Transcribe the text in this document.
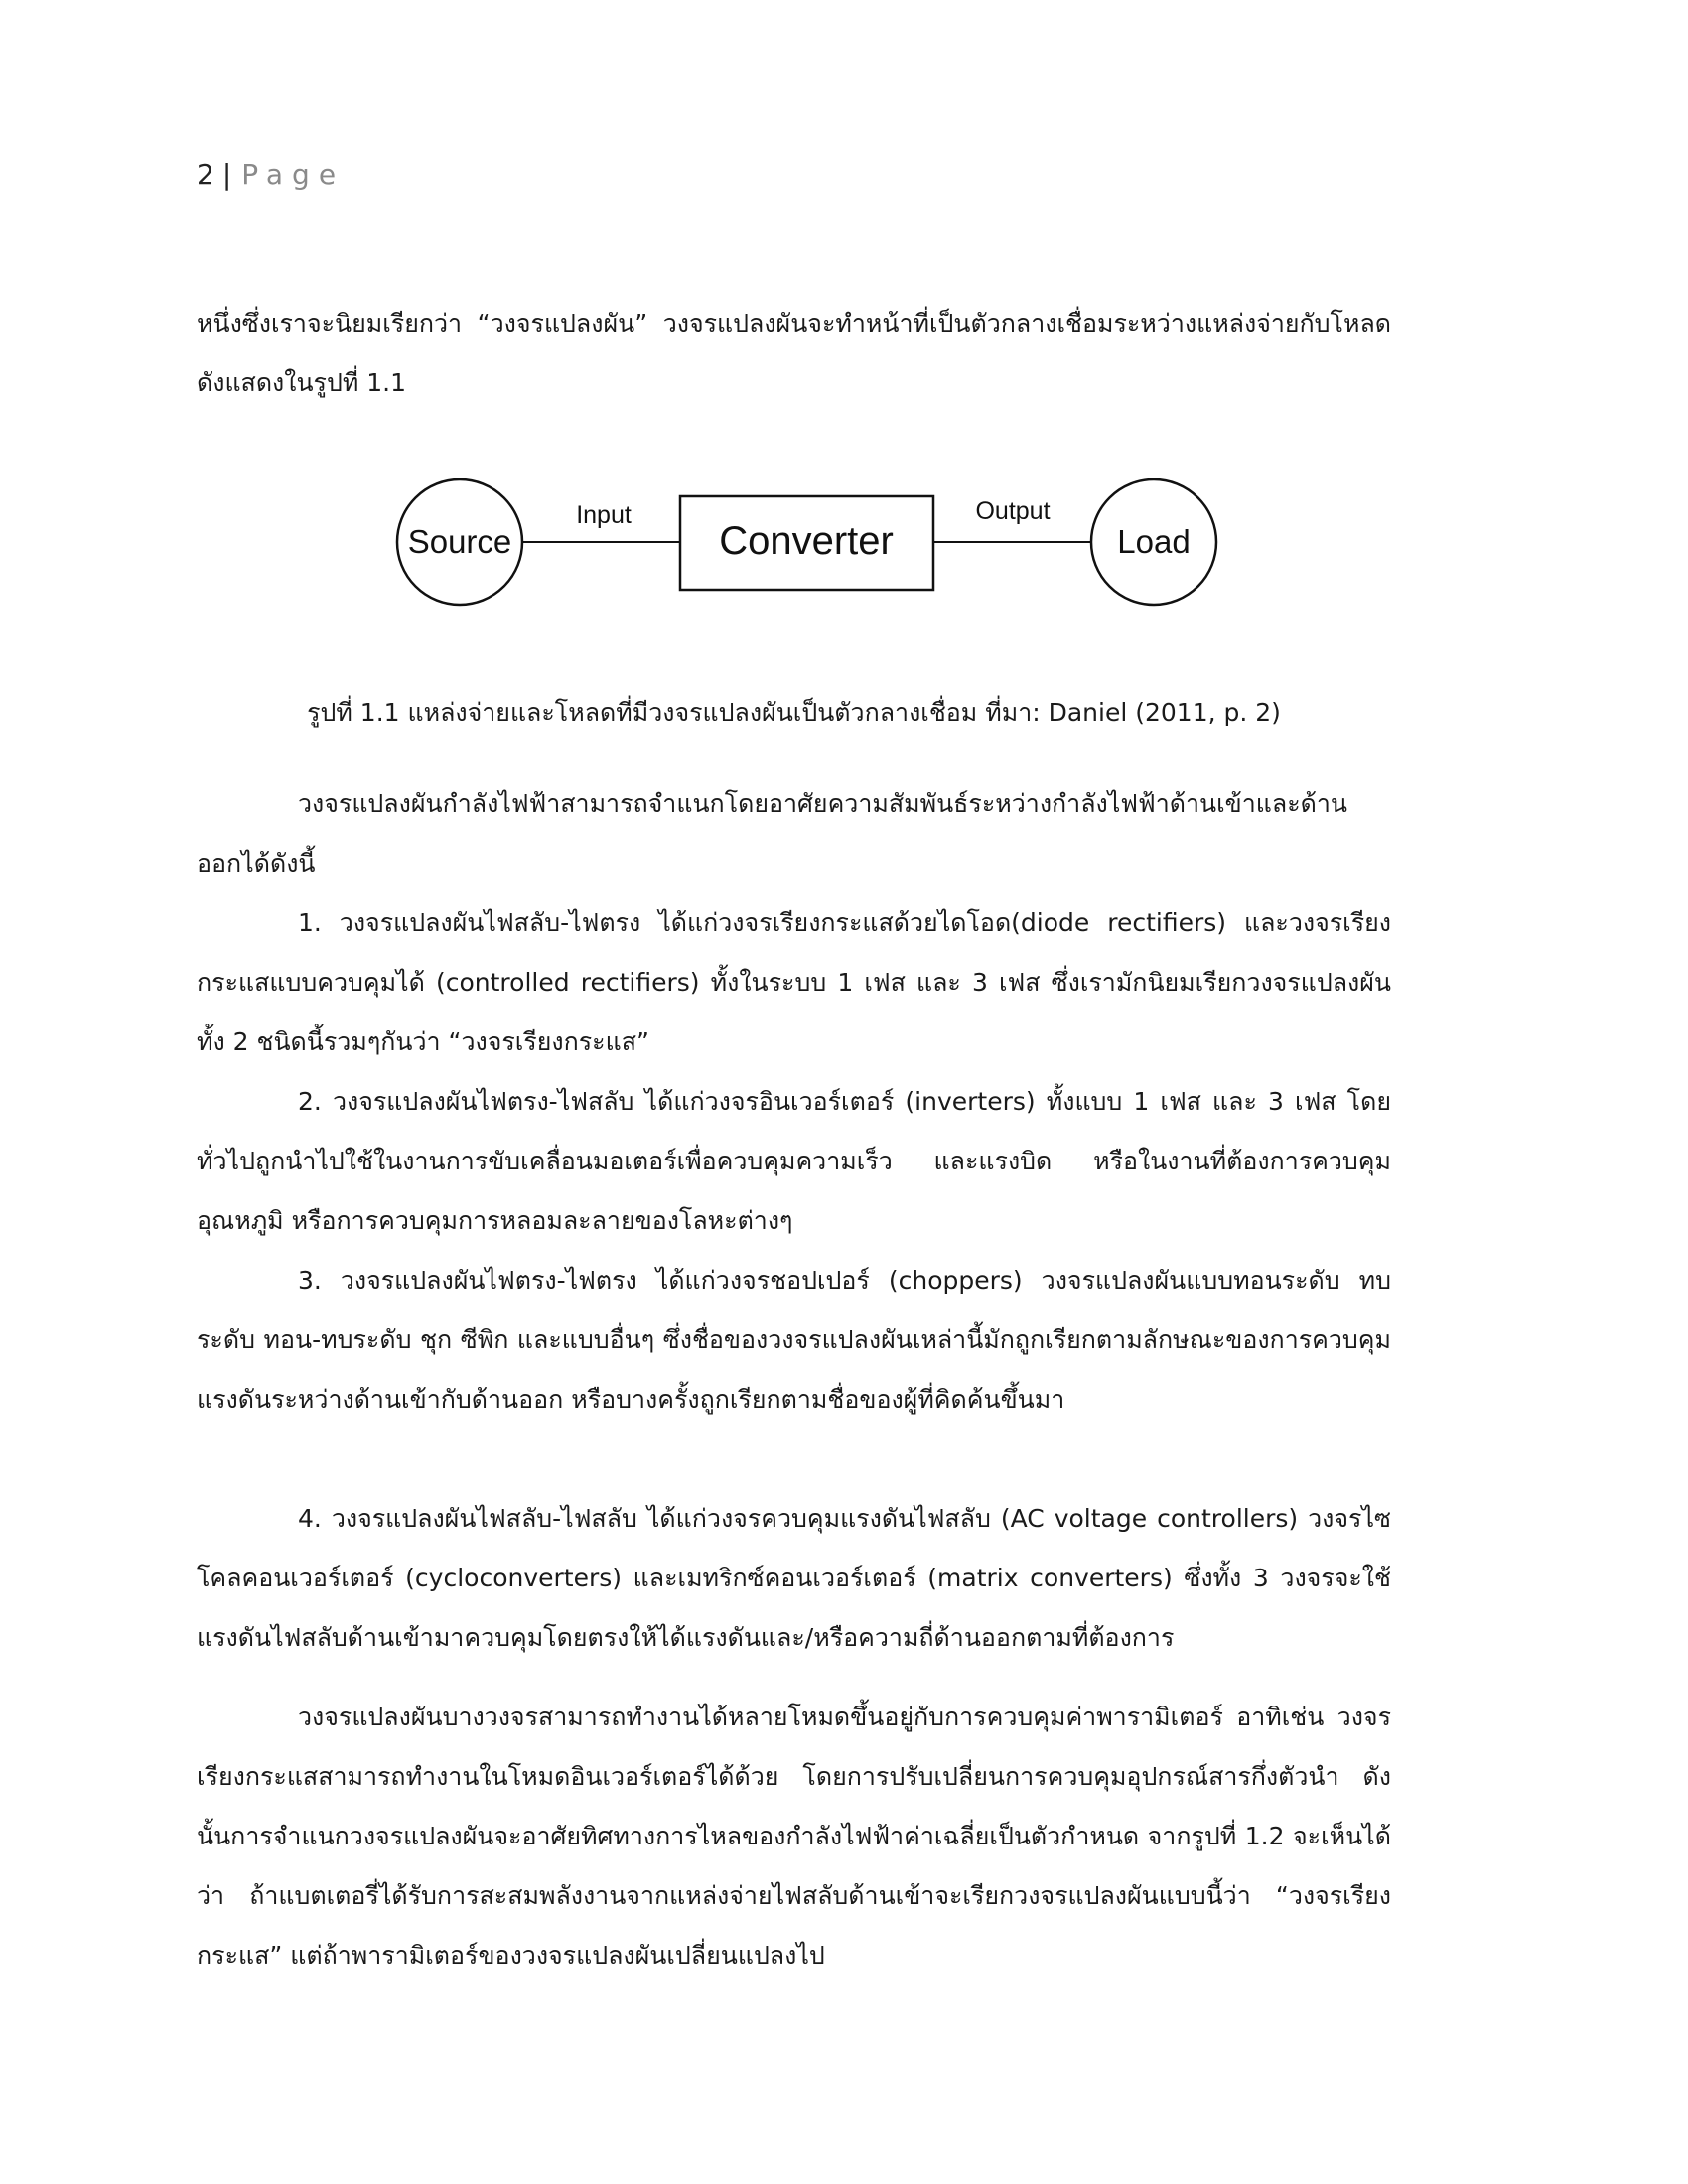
2 | Page

หนึ่งซึ่งเราจะนิยมเรียกว่า “วงจรแปลงผัน” วงจรแปลงผันจะทำหน้าที่เป็นตัวกลางเชื่อมระหว่างแหล่งจ่ายกับโหลดดังแสดงในรูปที่ 1.1

Source	Converter	Load
Input	Output

รูปที่ 1.1 แหล่งจ่ายและโหลดที่มีวงจรแปลงผันเป็นตัวกลางเชื่อม ที่มา: Daniel (2011, p. 2)

วงจรแปลงผันกำลังไฟฟ้าสามารถจำแนกโดยอาศัยความสัมพันธ์ระหว่างกำลังไฟฟ้าด้านเข้าและด้านออกได้ดังนี้

1. วงจรแปลงผันไฟสลับ-ไฟตรง ได้แก่วงจรเรียงกระแสด้วยไดโอด(diode rectifiers) และวงจรเรียงกระแสแบบควบคุมได้ (controlled rectifiers) ทั้งในระบบ 1 เฟส และ 3 เฟส ซึ่งเรามักนิยมเรียกวงจรแปลงผันทั้ง 2 ชนิดนี้รวมๆกันว่า “วงจรเรียงกระแส”

2. วงจรแปลงผันไฟตรง-ไฟสลับ ได้แก่วงจรอินเวอร์เตอร์ (inverters) ทั้งแบบ 1 เฟส และ 3 เฟส โดยทั่วไปถูกนำไปใช้ในงานการขับเคลื่อนมอเตอร์เพื่อควบคุมความเร็ว และแรงบิด หรือในงานที่ต้องการควบคุมอุณหภูมิ หรือการควบคุมการหลอมละลายของโลหะต่างๆ

3. วงจรแปลงผันไฟตรง-ไฟตรง ได้แก่วงจรชอปเปอร์ (choppers) วงจรแปลงผันแบบทอนระดับ ทบระดับ ทอน-ทบระดับ ชุก ซีพิก และแบบอื่นๆ ซึ่งชื่อของวงจรแปลงผันเหล่านี้มักถูกเรียกตามลักษณะของการควบคุมแรงดันระหว่างด้านเข้ากับด้านออก หรือบางครั้งถูกเรียกตามชื่อของผู้ที่คิดค้นขึ้นมา

4. วงจรแปลงผันไฟสลับ-ไฟสลับ ได้แก่วงจรควบคุมแรงดันไฟสลับ (AC voltage controllers) วงจรไซโคลคอนเวอร์เตอร์ (cycloconverters) และเมทริกซ์คอนเวอร์เตอร์ (matrix converters) ซึ่งทั้ง 3 วงจรจะใช้แรงดันไฟสลับด้านเข้ามาควบคุมโดยตรงให้ได้แรงดันและ/หรือความถี่ด้านออกตามที่ต้องการ

วงจรแปลงผันบางวงจรสามารถทำงานได้หลายโหมดขึ้นอยู่กับการควบคุมค่าพารามิเตอร์ อาทิเช่น วงจรเรียงกระแสสามารถทำงานในโหมดอินเวอร์เตอร์ได้ด้วย โดยการปรับเปลี่ยนการควบคุมอุปกรณ์สารกึ่งตัวนำ ดังนั้นการจำแนกวงจรแปลงผันจะอาศัยทิศทางการไหลของกำลังไฟฟ้าค่าเฉลี่ยเป็นตัวกำหนด จากรูปที่ 1.2 จะเห็นได้ว่า ถ้าแบตเตอรี่ได้รับการสะสมพลังงานจากแหล่งจ่ายไฟสลับด้านเข้าจะเรียกวงจรแปลงผันแบบนี้ว่า “วงจรเรียงกระแส” แต่ถ้าพารามิเตอร์ของวงจรแปลงผันเปลี่ยนแปลงไป
